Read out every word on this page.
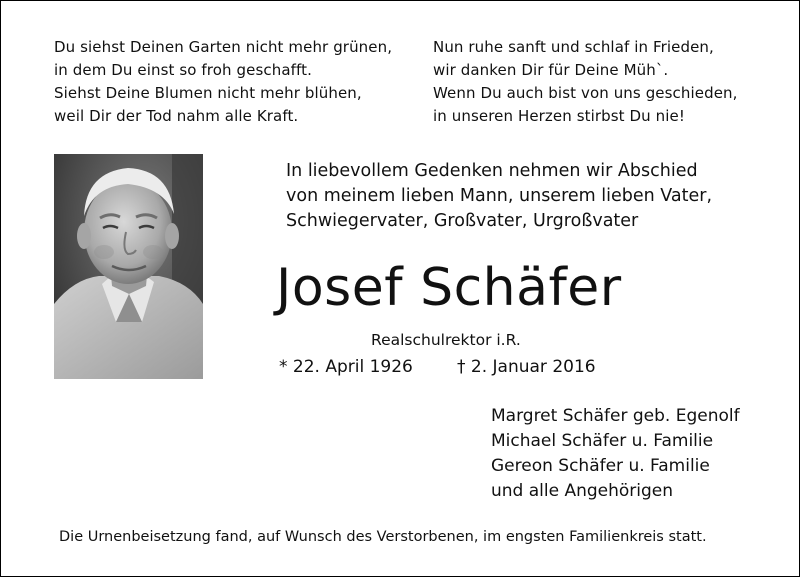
Du siehst Deinen Garten nicht mehr grünen,
in dem Du einst so froh geschafft.
Siehst Deine Blumen nicht mehr blühen,
weil Dir der Tod nahm alle Kraft.
Nun ruhe sanft und schlaf in Frieden,
wir danken Dir für Deine Müh`.
Wenn Du auch bist von uns geschieden,
in unseren Herzen stirbst Du nie!
In liebevollem Gedenken nehmen wir Abschied
von meinem lieben Mann, unserem lieben Vater,
Schwiegervater, Großvater, Urgroßvater
Josef Schäfer
Realschulrektor i.R.
* 22. April 1926	† 2. Januar 2016
Margret Schäfer geb. Egenolf
Michael Schäfer u. Familie
Gereon Schäfer u. Familie
und alle Angehörigen
Die Urnenbeisetzung fand, auf Wunsch des Verstorbenen, im engsten Familienkreis statt.
